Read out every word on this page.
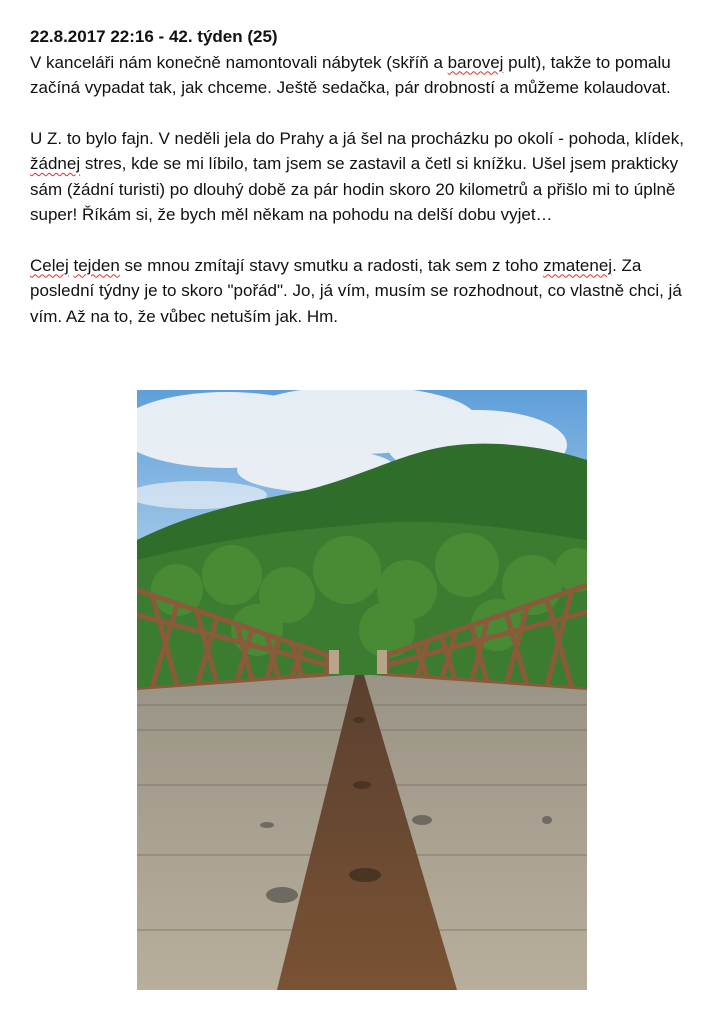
22.8.2017 22:16 - 42. týden (25)

V kanceláři nám konečně namontovali nábytek (skříň a barovej pult), takže to pomalu začíná vypadat tak, jak chceme. Ještě sedačka, pár drobností a můžeme kolaudovat.

U Z. to bylo fajn. V neděli jela do Prahy a já šel na procházku po okolí - pohoda, klídek, žádnej stres, kde se mi líbilo, tam jsem se zastavil a četl si knížku. Ušel jsem prakticky sám (žádní turisti) po dlouhý době za pár hodin skoro 20 kilometrů a přišlo mi to úplně super! Říkám si, že bych měl někam na pohodu na delší dobu vyjet…

Celej tejden se mnou zmítají stavy smutku a radosti, tak sem z toho zmatenej. Za poslední týdny je to skoro "pořád". Jo, já vím, musím se rozhodnout, co vlastně chci, já vím. Až na to, že vůbec netuším jak. Hm.
